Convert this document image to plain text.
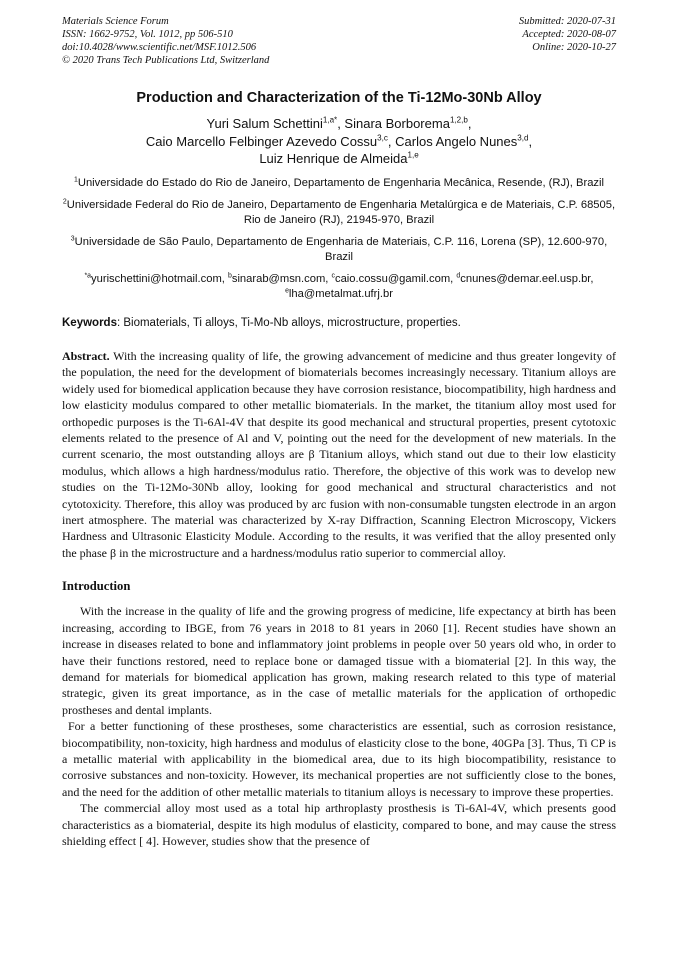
Materials Science Forum
ISSN: 1662-9752, Vol. 1012, pp 506-510
doi:10.4028/www.scientific.net/MSF.1012.506
© 2020 Trans Tech Publications Ltd, Switzerland
Submitted: 2020-07-31
Accepted: 2020-08-07
Online: 2020-10-27
Production and Characterization of the Ti-12Mo-30Nb Alloy
Yuri Salum Schettini$^{1,a*}$, Sinara Borborema$^{1,2,b}$,
Caio Marcello Felbinger Azevedo Cossu$^{3,c}$, Carlos Angelo Nunes$^{3,d}$,
Luiz Henrique de Almeida$^{1,e}$
$^1$Universidade do Estado do Rio de Janeiro, Departamento de Engenharia Mecânica, Resende, (RJ), Brazil
$^2$Universidade Federal do Rio de Janeiro, Departamento de Engenharia Metalúrgica e de Materiais, C.P. 68505, Rio de Janeiro (RJ), 21945-970, Brazil
$^3$Universidade de São Paulo, Departamento de Engenharia de Materiais, C.P. 116, Lorena (SP), 12.600-970, Brazil
$^{*a}$yurischettini@hotmail.com, $^b$sinarab@msn.com, $^c$caio.cossu@gamil.com, $^d$cnunes@demar.eel.usp.br, $^e$lha@metalmat.ufrj.br

Keywords: Biomaterials, Ti alloys, Ti-Mo-Nb alloys, microstructure, properties.

Abstract. With the increasing quality of life, the growing advancement of medicine and thus greater longevity of the population, the need for the development of biomaterials becomes increasingly necessary. Titanium alloys are widely used for biomedical application because they have corrosion resistance, biocompatibility, high hardness and low elasticity modulus compared to other metallic biomaterials. In the market, the titanium alloy most used for orthopedic purposes is the Ti-6Al-4V that despite its good mechanical and structural properties, present cytotoxic elements related to the presence of Al and V, pointing out the need for the development of new materials. In the current scenario, the most outstanding alloys are β Titanium alloys, which stand out due to their low elasticity modulus, which allows a high hardness/modulus ratio. Therefore, the objective of this work was to develop new studies on the Ti-12Mo-30Nb alloy, looking for good mechanical and structural characteristics and not cytotoxicity. Therefore, this alloy was produced by arc fusion with non-consumable tungsten electrode in an argon inert atmosphere. The material was characterized by X-ray Diffraction, Scanning Electron Microscopy, Vickers Hardness and Ultrasonic Elasticity Module. According to the results, it was verified that the alloy presented only the phase β in the microstructure and a hardness/modulus ratio superior to commercial alloy.

Introduction

With the increase in the quality of life and the growing progress of medicine, life expectancy at birth has been increasing, according to IBGE, from 76 years in 2018 to 81 years in 2060 [1]. Recent studies have shown an increase in diseases related to bone and inflammatory joint problems in people over 50 years old who, in order to have their functions restored, need to replace bone or damaged tissue with a biomaterial [2]. In this way, the demand for materials for biomedical application has grown, making research related to this type of material strategic, given its great importance, as in the case of metallic materials for the application of orthopedic prostheses and dental implants.

For a better functioning of these prostheses, some characteristics are essential, such as corrosion resistance, biocompatibility, non-toxicity, high hardness and modulus of elasticity close to the bone, 40GPa [3]. Thus, Ti CP is a metallic material with applicability in the biomedical area, due to its high biocompatibility, resistance to corrosive substances and non-toxicity. However, its mechanical properties are not sufficiently close to the bones, and the need for the addition of other metallic materials to titanium alloys is necessary to improve these properties.

The commercial alloy most used as a total hip arthroplasty prosthesis is Ti-6Al-4V, which presents good characteristics as a biomaterial, despite its high modulus of elasticity, compared to bone, and may cause the stress shielding effect [ 4]. However, studies show that the presence of
